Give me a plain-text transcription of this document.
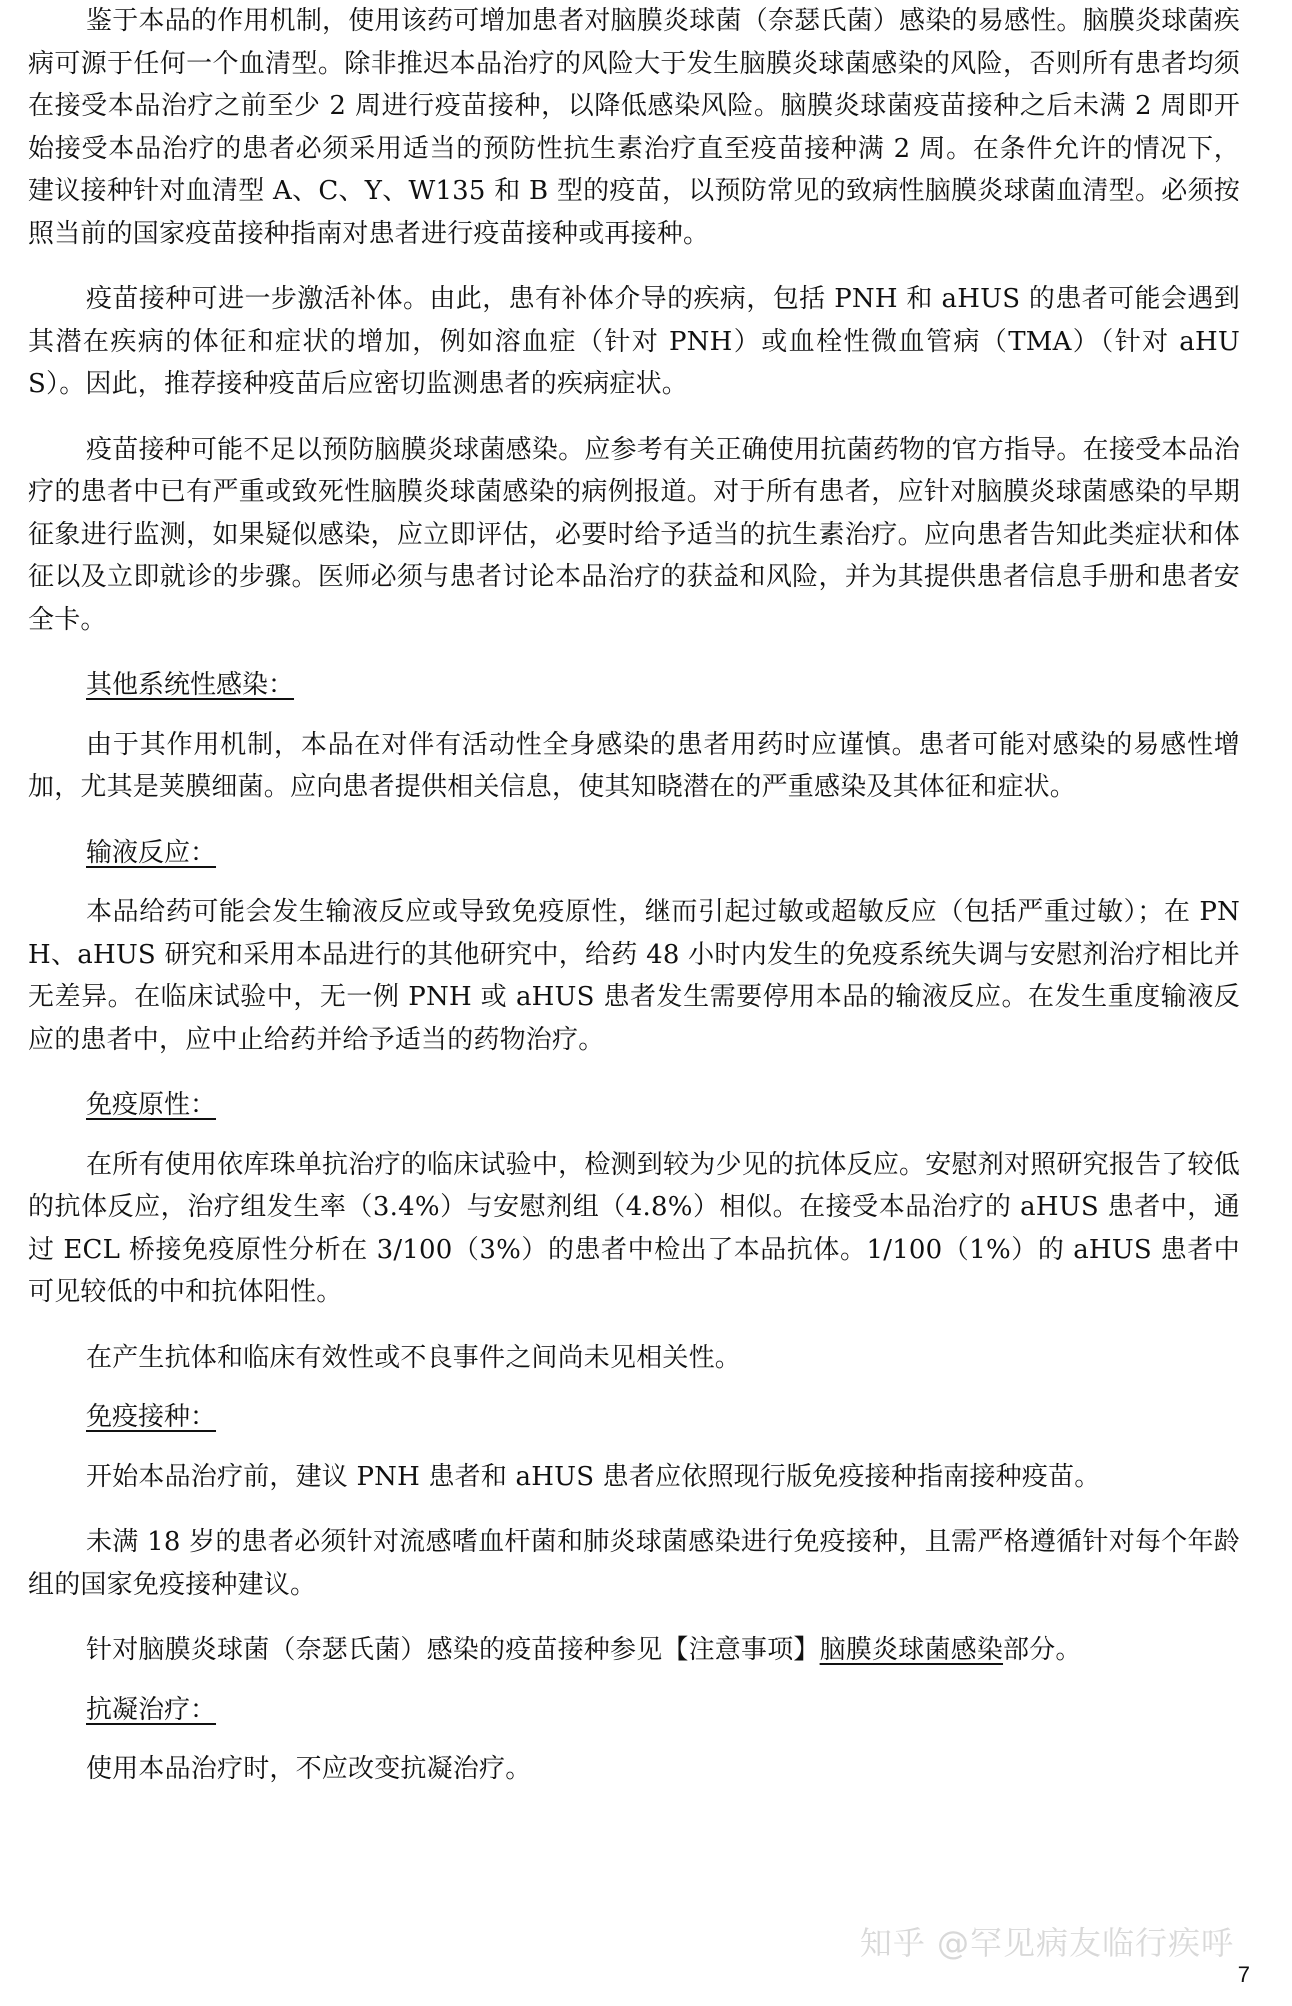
鉴于本品的作用机制，使用该药可增加患者对脑膜炎球菌（奈瑟氏菌）感染的易感性。脑膜炎球菌疾病可源于任何一个血清型。除非推迟本品治疗的风险大于发生脑膜炎球菌感染的风险，否则所有患者均须在接受本品治疗之前至少 2 周进行疫苗接种，以降低感染风险。脑膜炎球菌疫苗接种之后未满 2 周即开始接受本品治疗的患者必须采用适当的预防性抗生素治疗直至疫苗接种满 2 周。在条件允许的情况下，建议接种针对血清型 A、C、Y、W135 和 B 型的疫苗，以预防常见的致病性脑膜炎球菌血清型。必须按照当前的国家疫苗接种指南对患者进行疫苗接种或再接种。

疫苗接种可进一步激活补体。由此，患有补体介导的疾病，包括 PNH 和 aHUS 的患者可能会遇到其潜在疾病的体征和症状的增加，例如溶血症（针对 PNH）或血栓性微血管病（TMA）（针对 aHUS）。因此，推荐接种疫苗后应密切监测患者的疾病症状。

疫苗接种可能不足以预防脑膜炎球菌感染。应参考有关正确使用抗菌药物的官方指导。在接受本品治疗的患者中已有严重或致死性脑膜炎球菌感染的病例报道。对于所有患者，应针对脑膜炎球菌感染的早期征象进行监测，如果疑似感染，应立即评估，必要时给予适当的抗生素治疗。应向患者告知此类症状和体征以及立即就诊的步骤。医师必须与患者讨论本品治疗的获益和风险，并为其提供患者信息手册和患者安全卡。

其他系统性感染：

由于其作用机制，本品在对伴有活动性全身感染的患者用药时应谨慎。患者可能对感染的易感性增加，尤其是荚膜细菌。应向患者提供相关信息，使其知晓潜在的严重感染及其体征和症状。

输液反应：

本品给药可能会发生输液反应或导致免疫原性，继而引起过敏或超敏反应（包括严重过敏）；在 PNH、aHUS 研究和采用本品进行的其他研究中，给药 48 小时内发生的免疫系统失调与安慰剂治疗相比并无差异。在临床试验中，无一例 PNH 或 aHUS 患者发生需要停用本品的输液反应。在发生重度输液反应的患者中，应中止给药并给予适当的药物治疗。

免疫原性：

在所有使用依库珠单抗治疗的临床试验中，检测到较为少见的抗体反应。安慰剂对照研究报告了较低的抗体反应，治疗组发生率（3.4%）与安慰剂组（4.8%）相似。在接受本品治疗的 aHUS 患者中，通过 ECL 桥接免疫原性分析在 3/100（3%）的患者中检出了本品抗体。1/100（1%）的 aHUS 患者中可见较低的中和抗体阳性。

在产生抗体和临床有效性或不良事件之间尚未见相关性。

免疫接种：

开始本品治疗前，建议 PNH 患者和 aHUS 患者应依照现行版免疫接种指南接种疫苗。

未满 18 岁的患者必须针对流感嗜血杆菌和肺炎球菌感染进行免疫接种，且需严格遵循针对每个年龄组的国家免疫接种建议。

针对脑膜炎球菌（奈瑟氏菌）感染的疫苗接种参见【注意事项】脑膜炎球菌感染部分。

抗凝治疗：

使用本品治疗时，不应改变抗凝治疗。

知乎 @罕见病友临行疾呼
7
